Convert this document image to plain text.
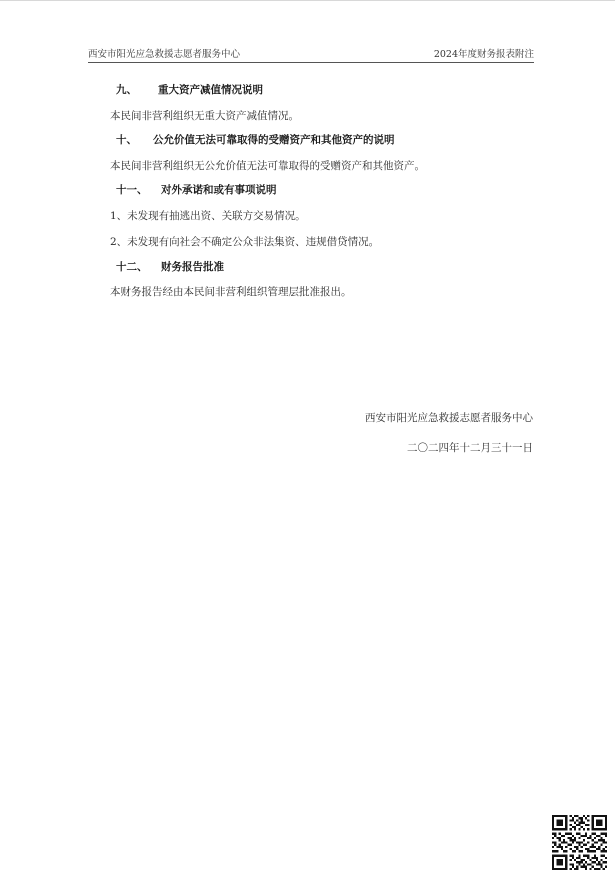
西安市阳光应急救援志愿者服务中心	2024年度财务报表附注
九、 重大资产减值情况说明
本民间非营利组织无重大资产减值情况。
十、 公允价值无法可靠取得的受赠资产和其他资产的说明
本民间非营利组织无公允价值无法可靠取得的受赠资产和其他资产。
十一、 对外承诺和或有事项说明
1、未发现有抽逃出资、关联方交易情况。
2、未发现有向社会不确定公众非法集资、违规借贷情况。
十二、 财务报告批准
本财务报告经由本民间非营利组织管理层批准报出。
西安市阳光应急救援志愿者服务中心
二〇二四年十二月三十一日
